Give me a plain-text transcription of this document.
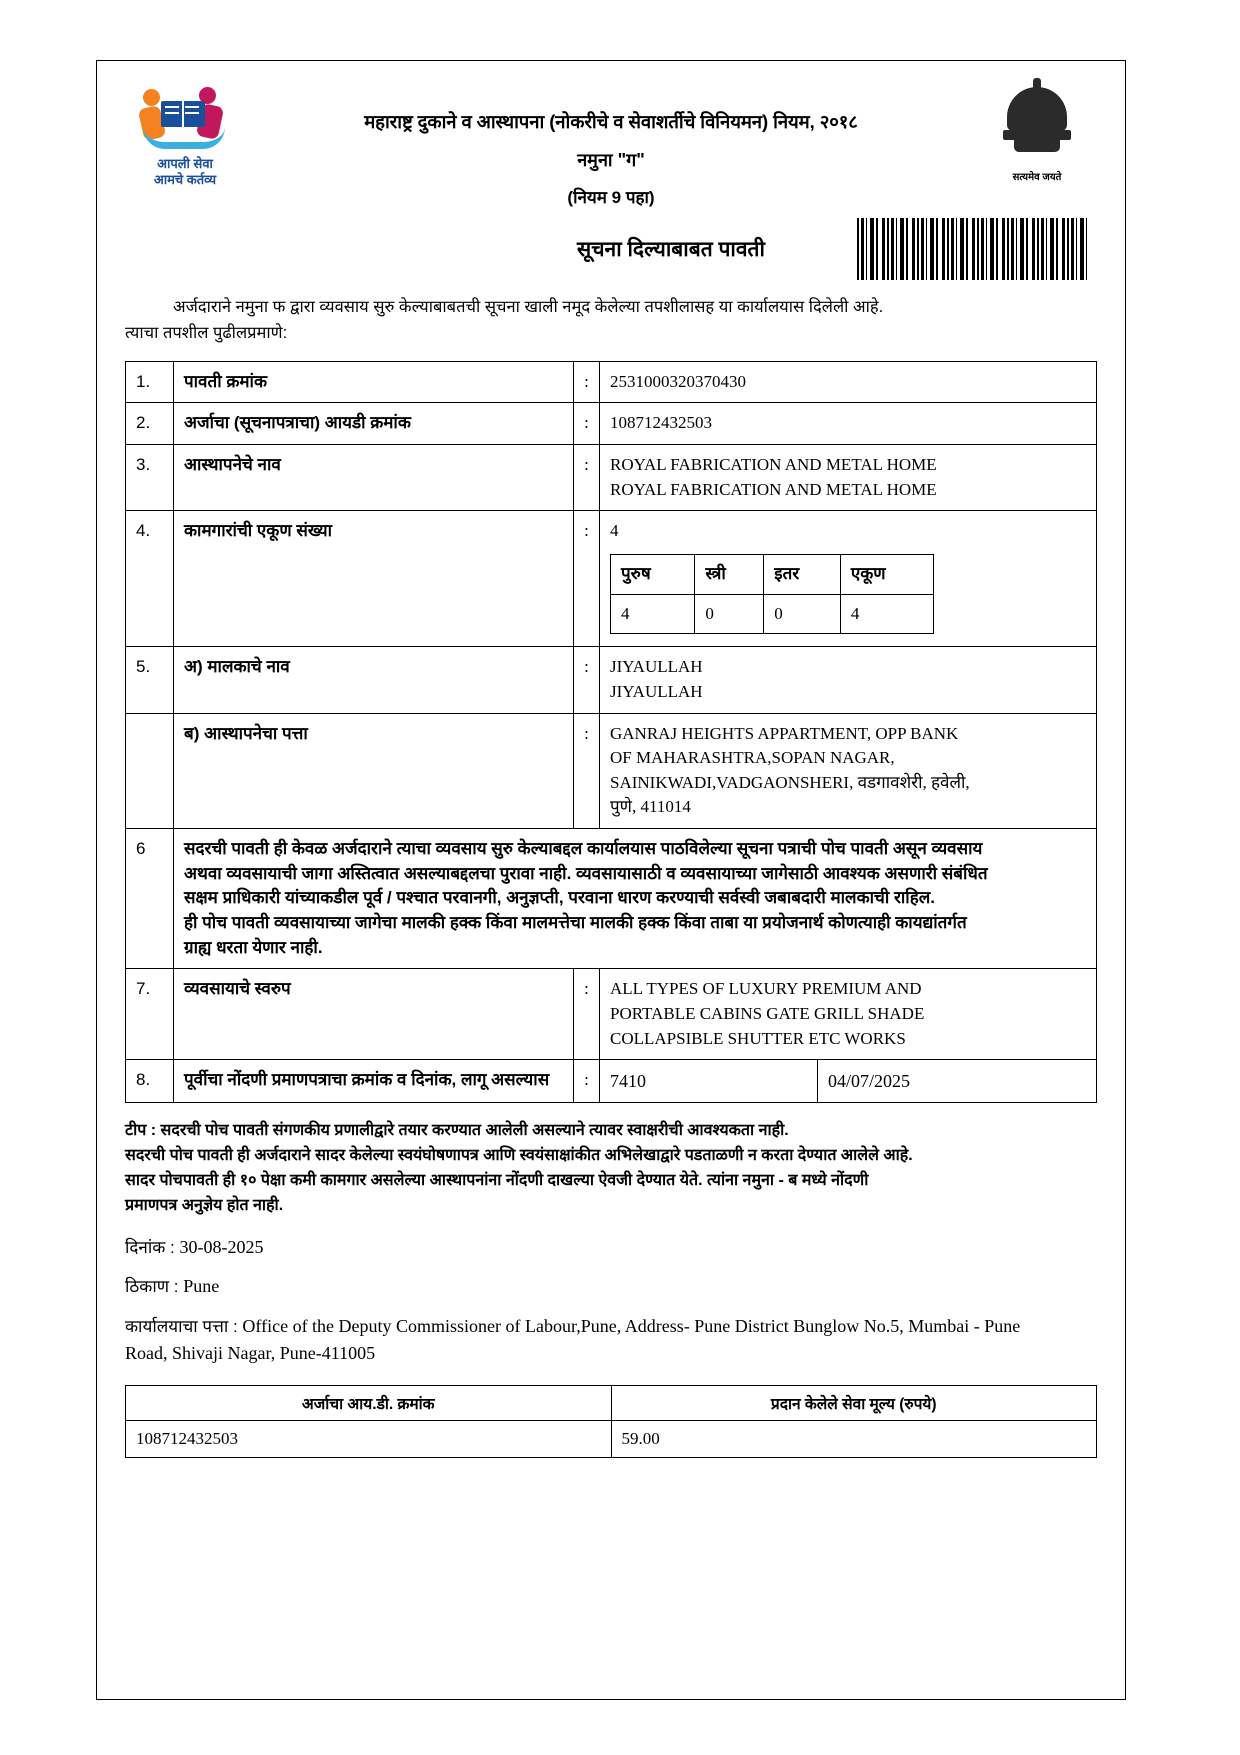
आपली सेवा
आमचे कर्तव्य
महाराष्ट्र दुकाने व आस्थापना (नोकरीचे व सेवाशर्तीचे विनियमन) नियम, २०१८
नमुना "ग"
(नियम 9 पहा)
सत्यमेव जयते
सूचना दिल्याबाबत पावती
अर्जदाराने नमुना फ द्वारा व्यवसाय सुरु केल्याबाबतची सूचना खाली नमूद केलेल्या तपशीलासह या कार्यालयास दिलेली आहे.
त्याचा तपशील पुढीलप्रमाणे:
1.	पावती क्रमांक	:	2531000320370430
2.	अर्जाचा (सूचनापत्राचा) आयडी क्रमांक	:	108712432503
3.	आस्थापनेचे नाव	:	ROYAL FABRICATION AND METAL HOME
ROYAL FABRICATION AND METAL HOME

4.	कामगारांची एकूण संख्या	:	4
पुरुष	स्त्री	इतर	एकूण
4	0	0	4

5.	अ) मालकाचे नाव	:	JIYAULLAH
JIYAULLAH

	ब) आस्थापनेचा पत्ता	:	GANRAJ HEIGHTS APPARTMENT, OPP BANK
OF MAHARASHTRA,SOPAN NAGAR,
SAINIKWADI,VADGAONSHERI, वडगावशेरी, हवेली,
पुणे, 411014

6	सदरची पावती ही केवळ अर्जदाराने त्याचा व्यवसाय सुरु केल्याबद्दल कार्यालयास पाठविलेल्या सूचना पत्राची पोच पावती असून व्यवसाय
अथवा व्यवसायाची जागा अस्तित्वात असल्याबद्दलचा पुरावा नाही. व्यवसायासाठी व व्यवसायाच्या जागेसाठी आवश्यक असणारी संबंधित
सक्षम प्राधिकारी यांच्याकडील पूर्व / पश्चात परवानगी, अनुज्ञप्ती, परवाना धारण करण्याची सर्वस्वी जबाबदारी मालकाची राहिल.
ही पोच पावती व्यवसायाच्या जागेचा मालकी हक्क किंवा मालमत्तेचा मालकी हक्क किंवा ताबा या प्रयोजनार्थ कोणत्याही कायद्यांतर्गत
ग्राह्य धरता येणार नाही.

7.	व्यवसायाचे स्वरुप	:	ALL TYPES OF LUXURY PREMIUM AND
PORTABLE CABINS GATE GRILL SHADE
COLLAPSIBLE SHUTTER ETC WORKS

8.	पूर्वीचा नोंदणी प्रमाणपत्राचा क्रमांक व दिनांक, लागू असल्यास	:	7410	04/07/2025
टीप : सदरची पोच पावती संगणकीय प्रणालीद्वारे तयार करण्यात आलेली असल्याने त्यावर स्वाक्षरीची आवश्यकता नाही.
सदरची पोच पावती ही अर्जदाराने सादर केलेल्या स्वयंघोषणापत्र आणि स्वयंसाक्षांकीत अभिलेखाद्वारे पडताळणी न करता देण्यात आलेले आहे.
सादर पोचपावती ही १० पेक्षा कमी कामगार असलेल्या आस्थापनांना नोंदणी दाखल्या ऐवजी देण्यात येते. त्यांना नमुना - ब मध्ये नोंदणी
प्रमाणपत्र अनुज्ञेय होत नाही.
दिनांक : 30-08-2025
ठिकाण : Pune
कार्यालयाचा पत्ता : Office of the Deputy Commissioner of Labour,Pune, Address- Pune District Bunglow No.5, Mumbai - Pune
Road, Shivaji Nagar, Pune-411005
अर्जाचा आय.डी. क्रमांक	प्रदान केलेले सेवा मूल्य (रुपये)
108712432503	59.00
